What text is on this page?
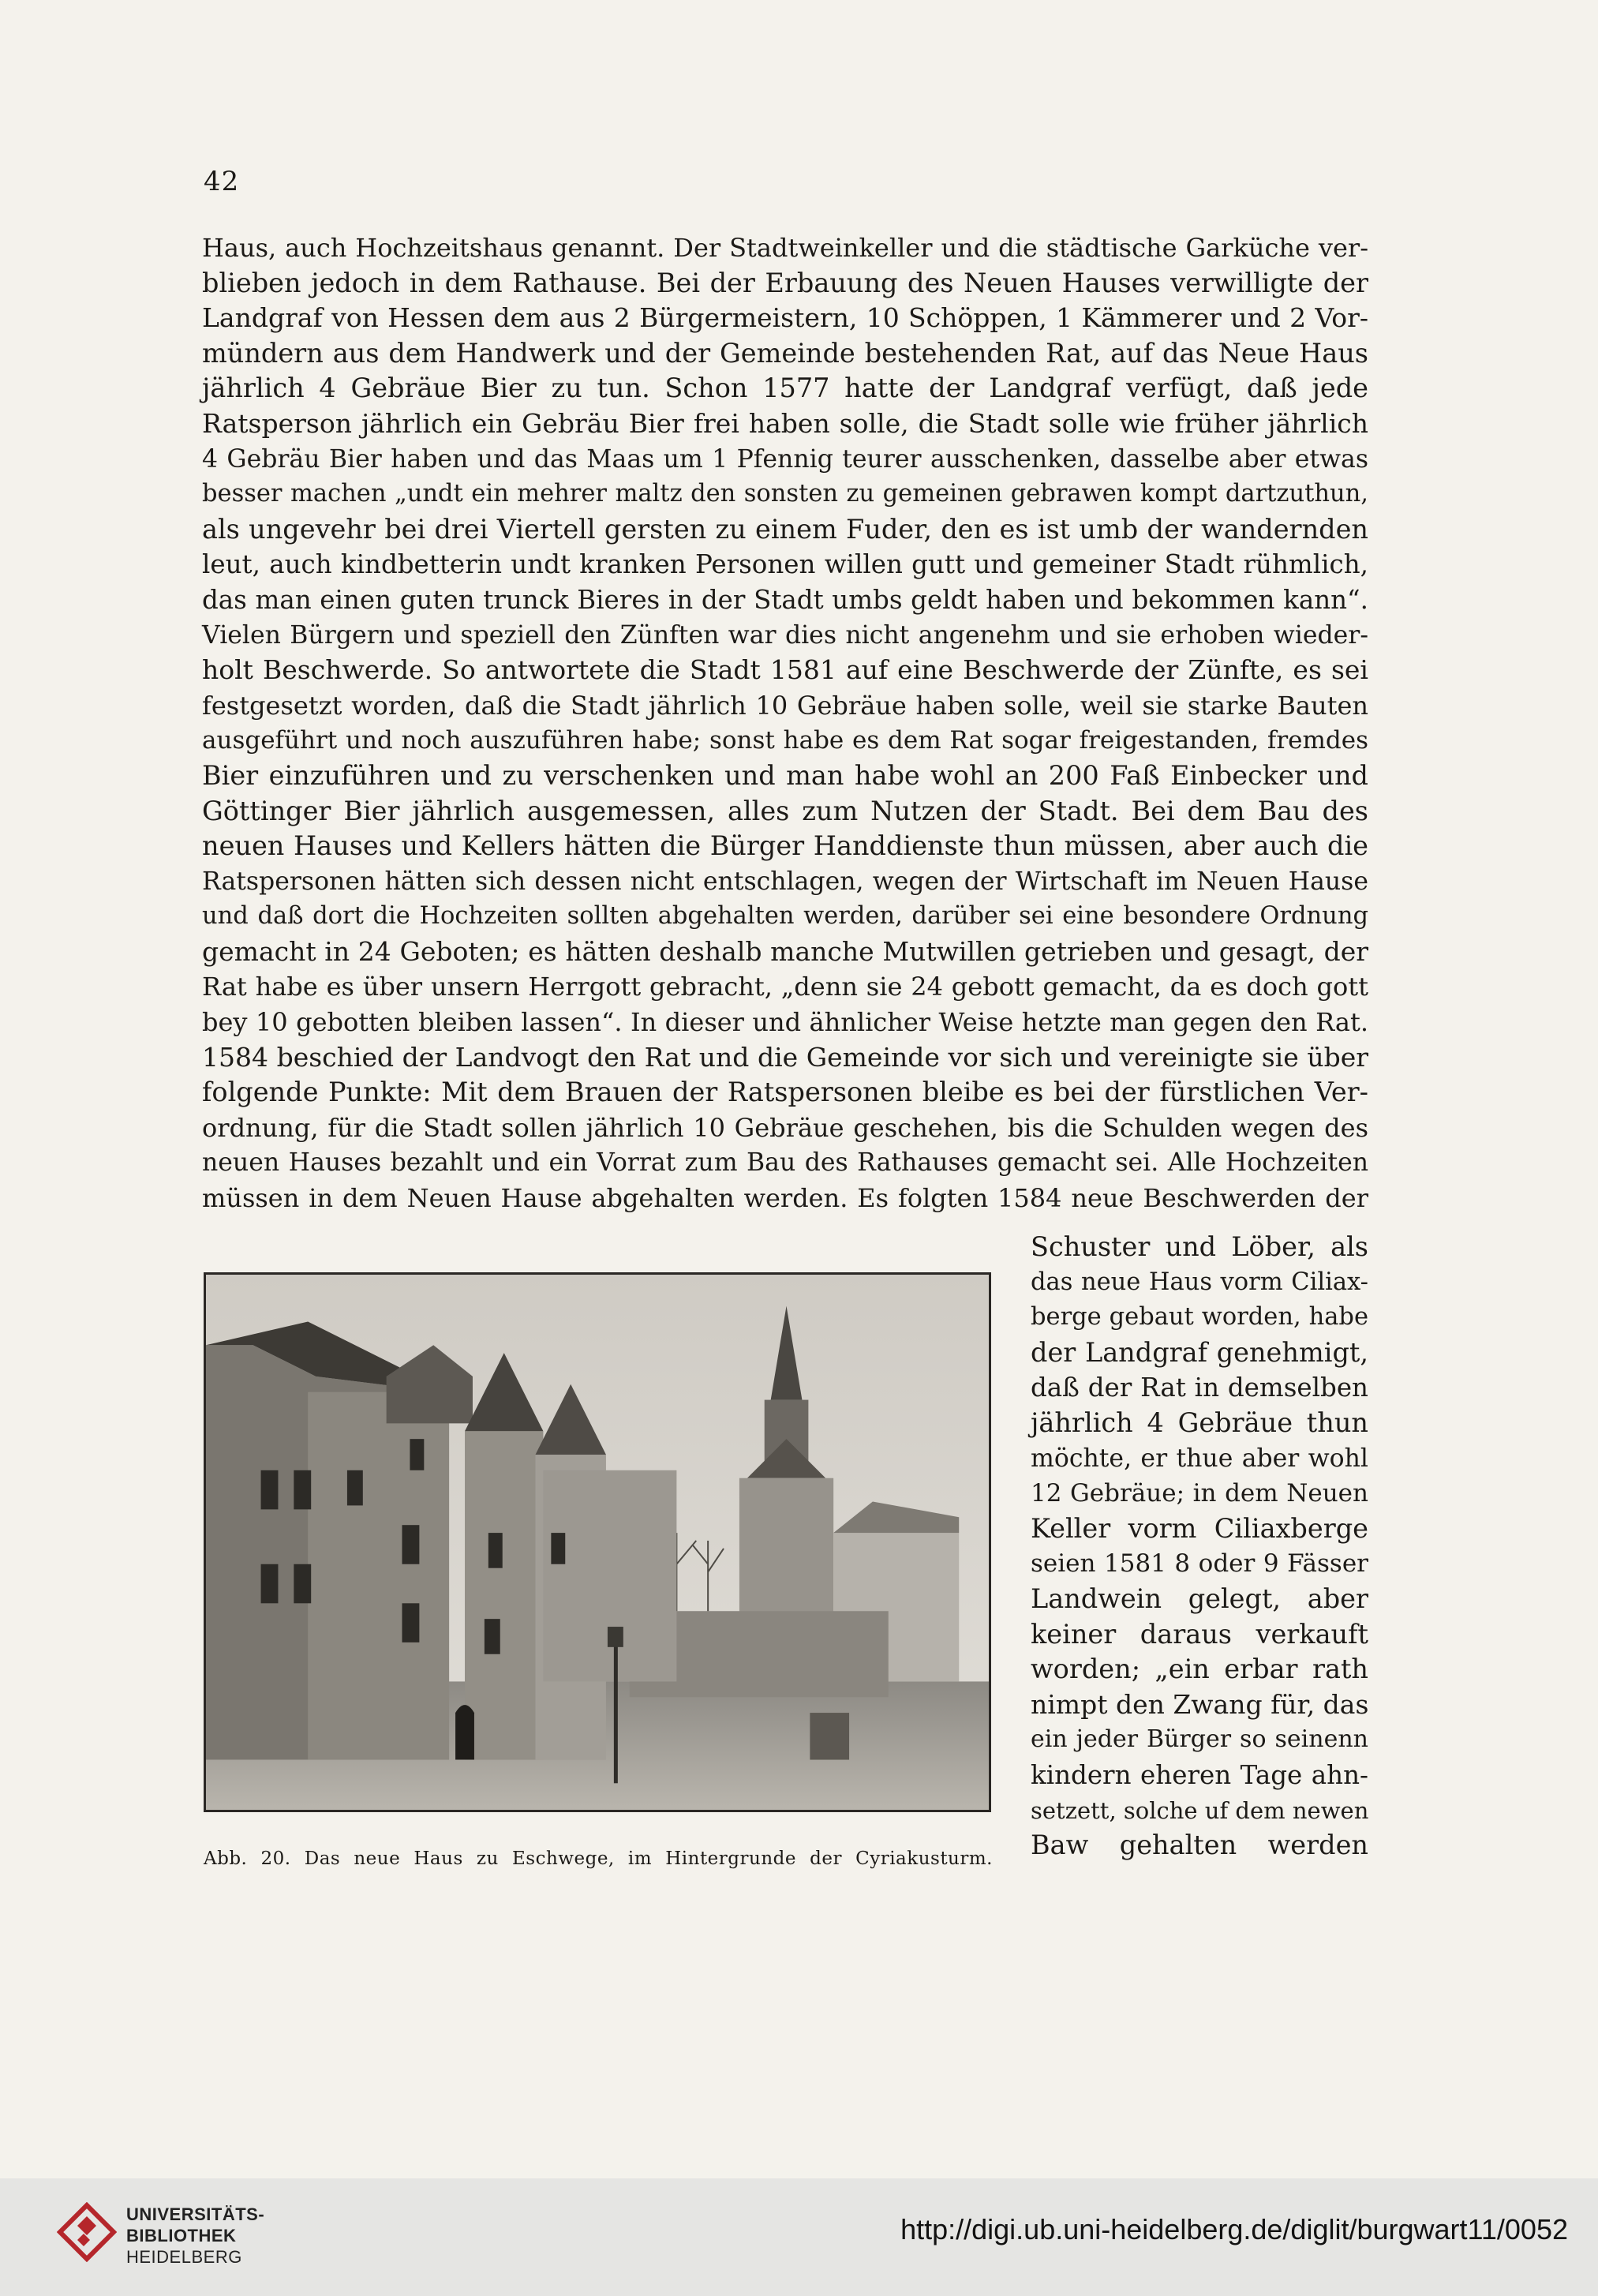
42
Haus, auch Hochzeitshaus genannt. Der Stadtweinkeller und die städtische Garküche ver-
blieben jedoch in dem Rathause. Bei der Erbauung des Neuen Hauses verwilligte der
Landgraf von Hessen dem aus 2 Bürgermeistern, 10 Schöppen, 1 Kämmerer und 2 Vor-
mündern aus dem Handwerk und der Gemeinde bestehenden Rat, auf das Neue Haus
jährlich 4 Gebräue Bier zu tun. Schon 1577 hatte der Landgraf verfügt, daß jede
Ratsperson jährlich ein Gebräu Bier frei haben solle, die Stadt solle wie früher jährlich
4 Gebräu Bier haben und das Maas um 1 Pfennig teurer ausschenken, dasselbe aber etwas
besser machen „undt ein mehrer maltz den sonsten zu gemeinen gebrawen kompt dartzuthun,
als ungevehr bei drei Viertell gersten zu einem Fuder, den es ist umb der wandernden
leut, auch kindbetterin undt kranken Personen willen gutt und gemeiner Stadt rühmlich,
das man einen guten trunck Bieres in der Stadt umbs geldt haben und bekommen kann“.
Vielen Bürgern und speziell den Zünften war dies nicht angenehm und sie erhoben wieder-
holt Beschwerde. So antwortete die Stadt 1581 auf eine Beschwerde der Zünfte, es sei
festgesetzt worden, daß die Stadt jährlich 10 Gebräue haben solle, weil sie starke Bauten
ausgeführt und noch auszuführen habe; sonst habe es dem Rat sogar freigestanden, fremdes
Bier einzuführen und zu verschenken und man habe wohl an 200 Faß Einbecker und
Göttinger Bier jährlich ausgemessen, alles zum Nutzen der Stadt. Bei dem Bau des
neuen Hauses und Kellers hätten die Bürger Handdienste thun müssen, aber auch die
Ratspersonen hätten sich dessen nicht entschlagen, wegen der Wirtschaft im Neuen Hause
und daß dort die Hochzeiten sollten abgehalten werden, darüber sei eine besondere Ordnung
gemacht in 24 Geboten; es hätten deshalb manche Mutwillen getrieben und gesagt, der
Rat habe es über unsern Herrgott gebracht, „denn sie 24 gebott gemacht, da es doch gott
bey 10 gebotten bleiben lassen“. In dieser und ähnlicher Weise hetzte man gegen den Rat.
1584 beschied der Landvogt den Rat und die Gemeinde vor sich und vereinigte sie über
folgende Punkte: Mit dem Brauen der Ratspersonen bleibe es bei der fürstlichen Ver-
ordnung, für die Stadt sollen jährlich 10 Gebräue geschehen, bis die Schulden wegen des
neuen Hauses bezahlt und ein Vorrat zum Bau des Rathauses gemacht sei. Alle Hochzeiten
müssen in dem Neuen Hause abgehalten werden. Es folgten 1584 neue Beschwerden der
Abb. 20. Das neue Haus zu Eschwege, im Hintergrunde der Cyriakusturm.
Schuster und Löber, als
das neue Haus vorm Ciliax-
berge gebaut worden, habe
der Landgraf genehmigt,
daß der Rat in demselben
jährlich 4 Gebräue thun
möchte, er thue aber wohl
12 Gebräue; in dem Neuen
Keller vorm Ciliaxberge
seien 1581 8 oder 9 Fässer
Landwein gelegt, aber
keiner daraus verkauft
worden; „ein erbar rath
nimpt den Zwang für, das
ein jeder Bürger so seinenn
kindern eheren Tage ahn-
setzett, solche uf dem newen
Baw gehalten werden
UNIVERSITÄTS-
BIBLIOTHEK
HEIDELBERG
http://digi.ub.uni-heidelberg.de/diglit/burgwart11/0052
